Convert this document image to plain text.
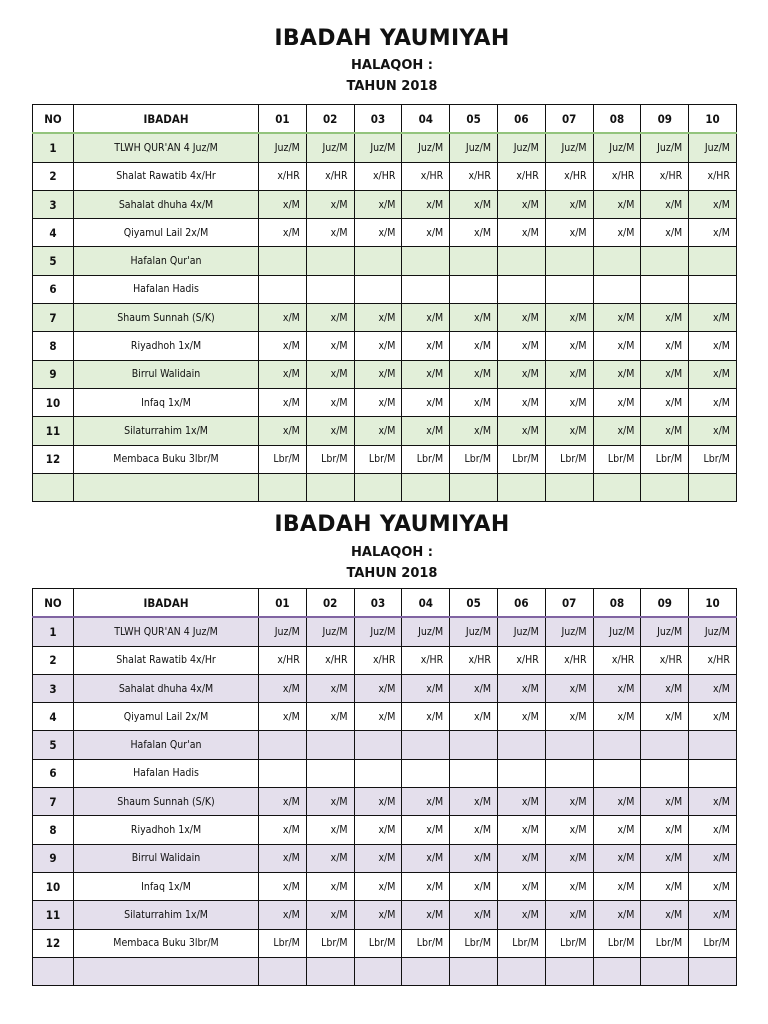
IBADAH YAUMIYAH
HALAQOH :
TAHUN 2018
NO	IBADAH	01	02	03	04	05	06	07	08	09	10
1	TLWH QUR'AN 4 Juz/M	Juz/M	Juz/M	Juz/M	Juz/M	Juz/M	Juz/M	Juz/M	Juz/M	Juz/M	Juz/M
2	Shalat Rawatib 4x/Hr	x/HR	x/HR	x/HR	x/HR	x/HR	x/HR	x/HR	x/HR	x/HR	x/HR
3	Sahalat dhuha 4x/M	x/M	x/M	x/M	x/M	x/M	x/M	x/M	x/M	x/M	x/M
4	Qiyamul Lail 2x/M	x/M	x/M	x/M	x/M	x/M	x/M	x/M	x/M	x/M	x/M
5	Hafalan Qur'an										
6	Hafalan Hadis										
7	Shaum Sunnah (S/K)	x/M	x/M	x/M	x/M	x/M	x/M	x/M	x/M	x/M	x/M
8	Riyadhoh 1x/M	x/M	x/M	x/M	x/M	x/M	x/M	x/M	x/M	x/M	x/M
9	Birrul Walidain	x/M	x/M	x/M	x/M	x/M	x/M	x/M	x/M	x/M	x/M
10	Infaq 1x/M	x/M	x/M	x/M	x/M	x/M	x/M	x/M	x/M	x/M	x/M
11	Silaturrahim 1x/M	x/M	x/M	x/M	x/M	x/M	x/M	x/M	x/M	x/M	x/M
12	Membaca Buku 3lbr/M	Lbr/M	Lbr/M	Lbr/M	Lbr/M	Lbr/M	Lbr/M	Lbr/M	Lbr/M	Lbr/M	Lbr/M

IBADAH YAUMIYAH
HALAQOH :
TAHUN 2018
NO	IBADAH	01	02	03	04	05	06	07	08	09	10
1	TLWH QUR'AN 4 Juz/M	Juz/M	Juz/M	Juz/M	Juz/M	Juz/M	Juz/M	Juz/M	Juz/M	Juz/M	Juz/M
2	Shalat Rawatib 4x/Hr	x/HR	x/HR	x/HR	x/HR	x/HR	x/HR	x/HR	x/HR	x/HR	x/HR
3	Sahalat dhuha 4x/M	x/M	x/M	x/M	x/M	x/M	x/M	x/M	x/M	x/M	x/M
4	Qiyamul Lail 2x/M	x/M	x/M	x/M	x/M	x/M	x/M	x/M	x/M	x/M	x/M
5	Hafalan Qur'an										
6	Hafalan Hadis										
7	Shaum Sunnah (S/K)	x/M	x/M	x/M	x/M	x/M	x/M	x/M	x/M	x/M	x/M
8	Riyadhoh 1x/M	x/M	x/M	x/M	x/M	x/M	x/M	x/M	x/M	x/M	x/M
9	Birrul Walidain	x/M	x/M	x/M	x/M	x/M	x/M	x/M	x/M	x/M	x/M
10	Infaq 1x/M	x/M	x/M	x/M	x/M	x/M	x/M	x/M	x/M	x/M	x/M
11	Silaturrahim 1x/M	x/M	x/M	x/M	x/M	x/M	x/M	x/M	x/M	x/M	x/M
12	Membaca Buku 3lbr/M	Lbr/M	Lbr/M	Lbr/M	Lbr/M	Lbr/M	Lbr/M	Lbr/M	Lbr/M	Lbr/M	Lbr/M
